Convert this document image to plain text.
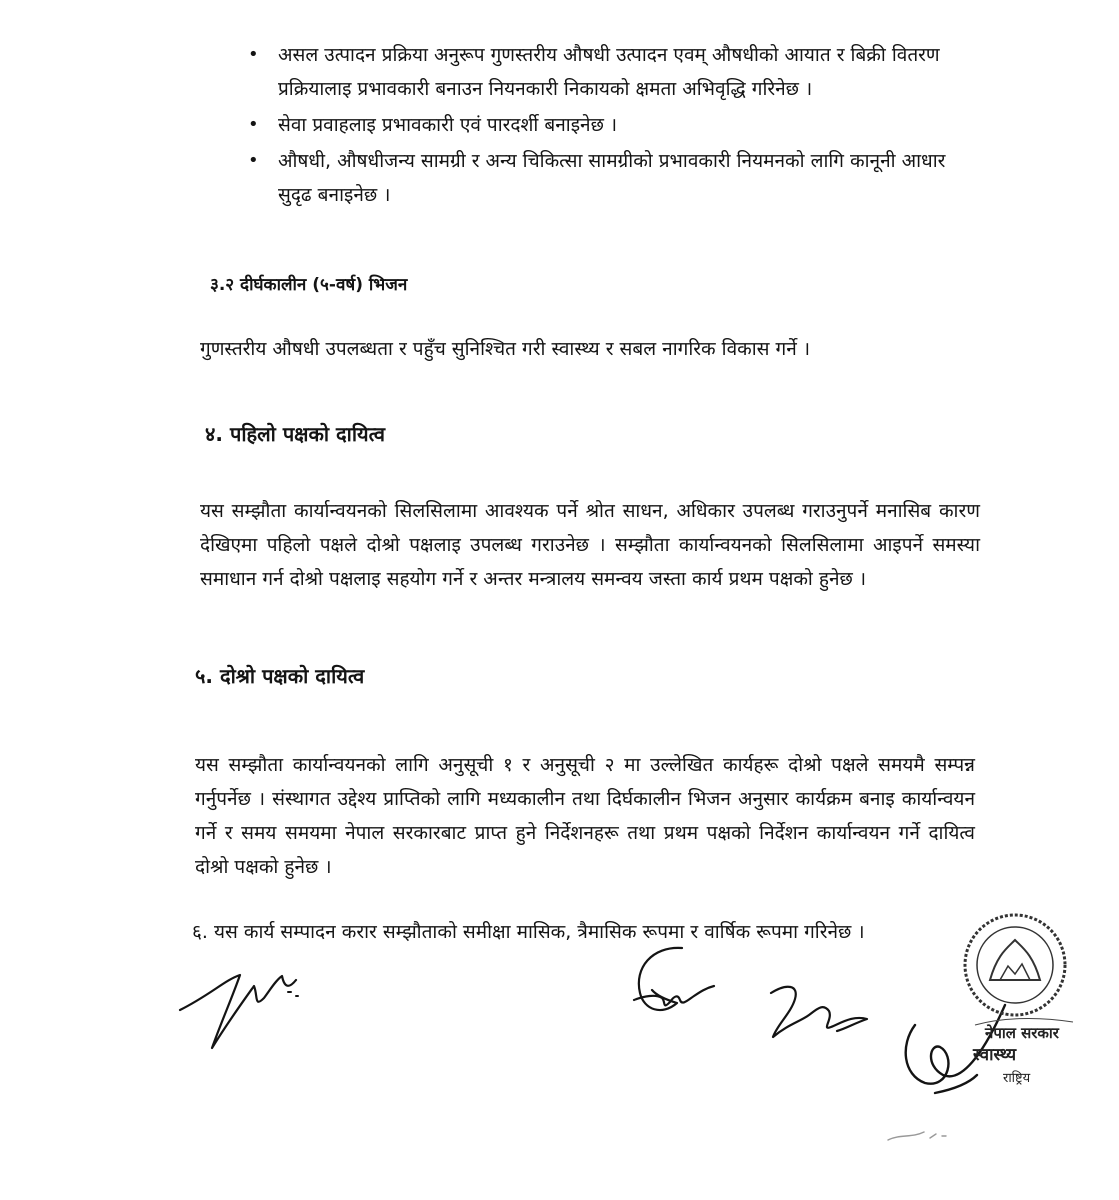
• असल उत्पादन प्रक्रिया अनुरूप गुणस्तरीय औषधी उत्पादन एवम् औषधीको आयात र बिक्री वितरण प्रक्रियालाइ प्रभावकारी बनाउन नियनकारी निकायको क्षमता अभिवृद्धि गरिनेछ ।
• सेवा प्रवाहलाइ प्रभावकारी एवं पारदर्शी बनाइनेछ ।
• औषधी, औषधीजन्य सामग्री र अन्य चिकित्सा सामग्रीको प्रभावकारी नियमनको लागि कानूनी आधार सुदृढ बनाइनेछ ।
३.२ दीर्घकालीन (५-वर्ष) भिजन

गुणस्तरीय औषधी उपलब्धता र पहुँच सुनिश्चित गरी स्वास्थ्य र सबल नागरिक विकास गर्ने ।

४. पहिलो पक्षको दायित्व

यस सम्झौता कार्यान्वयनको सिलसिलामा आवश्यक पर्ने श्रोत साधन, अधिकार उपलब्ध गराउनुपर्ने मनासिब कारण देखिएमा पहिलो पक्षले दोश्रो पक्षलाइ उपलब्ध गराउनेछ । सम्झौता कार्यान्वयनको सिलसिलामा आइपर्ने समस्या समाधान गर्न दोश्रो पक्षलाइ सहयोग गर्ने र अन्तर मन्त्रालय समन्वय जस्ता कार्य प्रथम पक्षको हुनेछ ।

५. दोश्रो पक्षको दायित्व

यस सम्झौता कार्यान्वयनको लागि अनुसूची १ र अनुसूची २ मा उल्लेखित कार्यहरू दोश्रो पक्षले समयमै सम्पन्न गर्नुपर्नेछ । संस्थागत उद्देश्य प्राप्तिको लागि मध्यकालीन तथा दिर्घकालीन भिजन अनुसार कार्यक्रम बनाइ कार्यान्वयन गर्ने र समय समयमा नेपाल सरकारबाट प्राप्त हुने निर्देशनहरू तथा प्रथम पक्षको निर्देशन कार्यान्वयन गर्ने दायित्व दोश्रो पक्षको हुनेछ ।

६. यस कार्य सम्पादन करार सम्झौताको समीक्षा मासिक, त्रैमासिक रूपमा र वार्षिक रूपमा गरिनेछ ।

नेपाल सरकार
स्वास्थ्य
राष्ट्रिय
